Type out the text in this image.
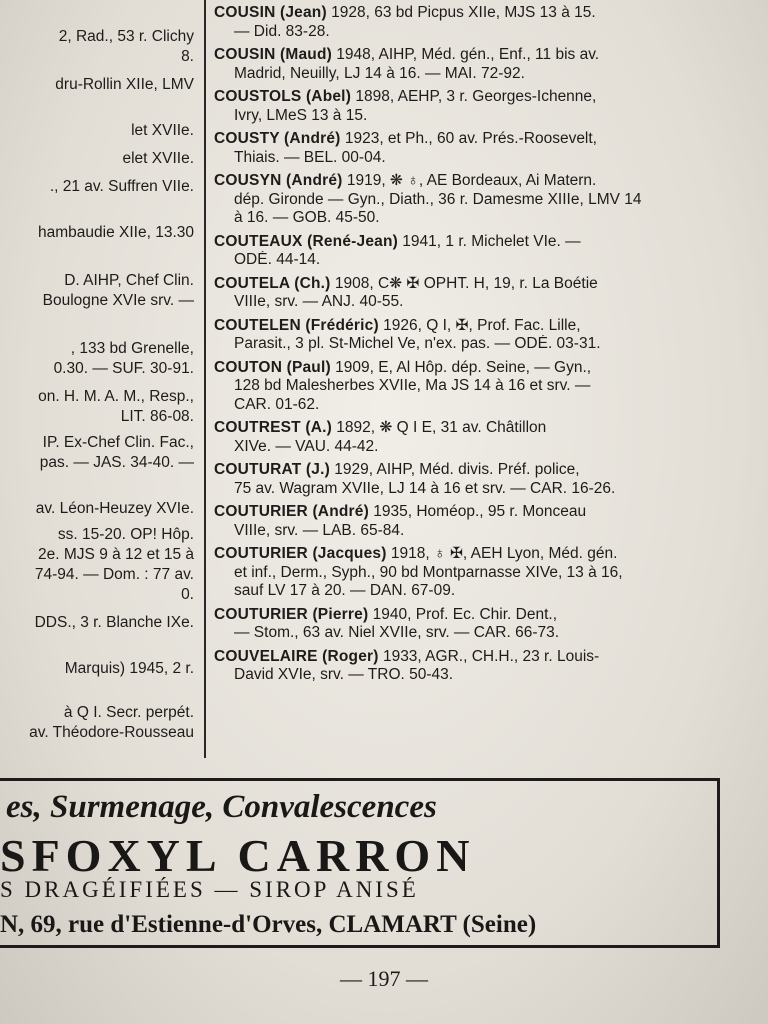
2, Rad., 53 r. Clichy
8.
dru-Rollin XIIe, LMV
let XVIIe.
elet XVIIe.
., 21 av. Suffren VIIe.
hambaudie XIIe, 13.30
D. AIHP, Chef Clin.
Boulogne XVIe srv. —
, 133 bd Grenelle,
0.30. — SUF. 30-91.
on. H. M. A. M., Resp.,
LIT. 86-08.
IP. Ex-Chef Clin. Fac.,
pas. — JAS. 34-40. —
av. Léon-Heuzey XVIe.
ss. 15-20. OP! Hôp.
2e. MJS 9 à 12 et 15 à
74-94. — Dom. : 77 av.
0.
DDS., 3 r. Blanche IXe.
Marquis) 1945, 2 r.
à Q I. Secr. perpét.
av. Théodore-Rousseau
COUSIN (Jean) 1928, 63 bd Picpus XIIe, MJS 13 à 15.
— Did. 83-28.
COUSIN (Maud) 1948, AIHP, Méd. gén., Enf., 11 bis av.
Madrid, Neuilly, LJ 14 à 16. — MAI. 72-92.
COUSTOLS (Abel) 1898, AEHP, 3 r. Georges-Ichenne,
Ivry, LMeS 13 à 15.
COUSTY (André) 1923, et Ph., 60 av. Prés.-Roosevelt,
Thiais. — BEL. 00-04.
COUSYN (André) 1919, ❋ ♁, AE Bordeaux, Ai Matern.
dép. Gironde — Gyn., Diath., 36 r. Damesme XIIIe, LMV 14
à 16. — GOB. 45-50.
COUTEAUX (René-Jean) 1941, 1 r. Michelet VIe. —
ODÉ. 44-14.
COUTELA (Ch.) 1908, C❋ ✠ OPHT. H, 19, r. La Boétie
VIIIe, srv. — ANJ. 40-55.
COUTELEN (Frédéric) 1926, Q I, ✠, Prof. Fac. Lille,
Parasit., 3 pl. St-Michel Ve, n'ex. pas. — ODÉ. 03-31.
COUTON (Paul) 1909, E, Al Hôp. dép. Seine, — Gyn.,
128 bd Malesherbes XVIIe, Ma JS 14 à 16 et srv. —
CAR. 01-62.
COUTREST (A.) 1892, ❋ Q I E, 31 av. Châtillon
XIVe. — VAU. 44-42.
COUTURAT (J.) 1929, AIHP, Méd. divis. Préf. police,
75 av. Wagram XVIIe, LJ 14 à 16 et srv. — CAR. 16-26.
COUTURIER (André) 1935, Homéop., 95 r. Monceau
VIIIe, srv. — LAB. 65-84.
COUTURIER (Jacques) 1918, ♁ ✠, AEH Lyon, Méd. gén.
et inf., Derm., Syph., 90 bd Montparnasse XIVe, 13 à 16,
sauf LV 17 à 20. — DAN. 67-09.
COUTURIER (Pierre) 1940, Prof. Ec. Chir. Dent.,
— Stom., 63 av. Niel XVIIe, srv. — CAR. 66-73.
COUVELAIRE (Roger) 1933, AGR., CH.H., 23 r. Louis-
David XVIe, srv. — TRO. 50-43.
es, Surmenage, Convalescences
SFOXYL CARRON
S DRAGÉIFIÉES — SIROP ANISÉ
N, 69, rue d'Estienne-d'Orves, CLAMART (Seine)
— 197 —
